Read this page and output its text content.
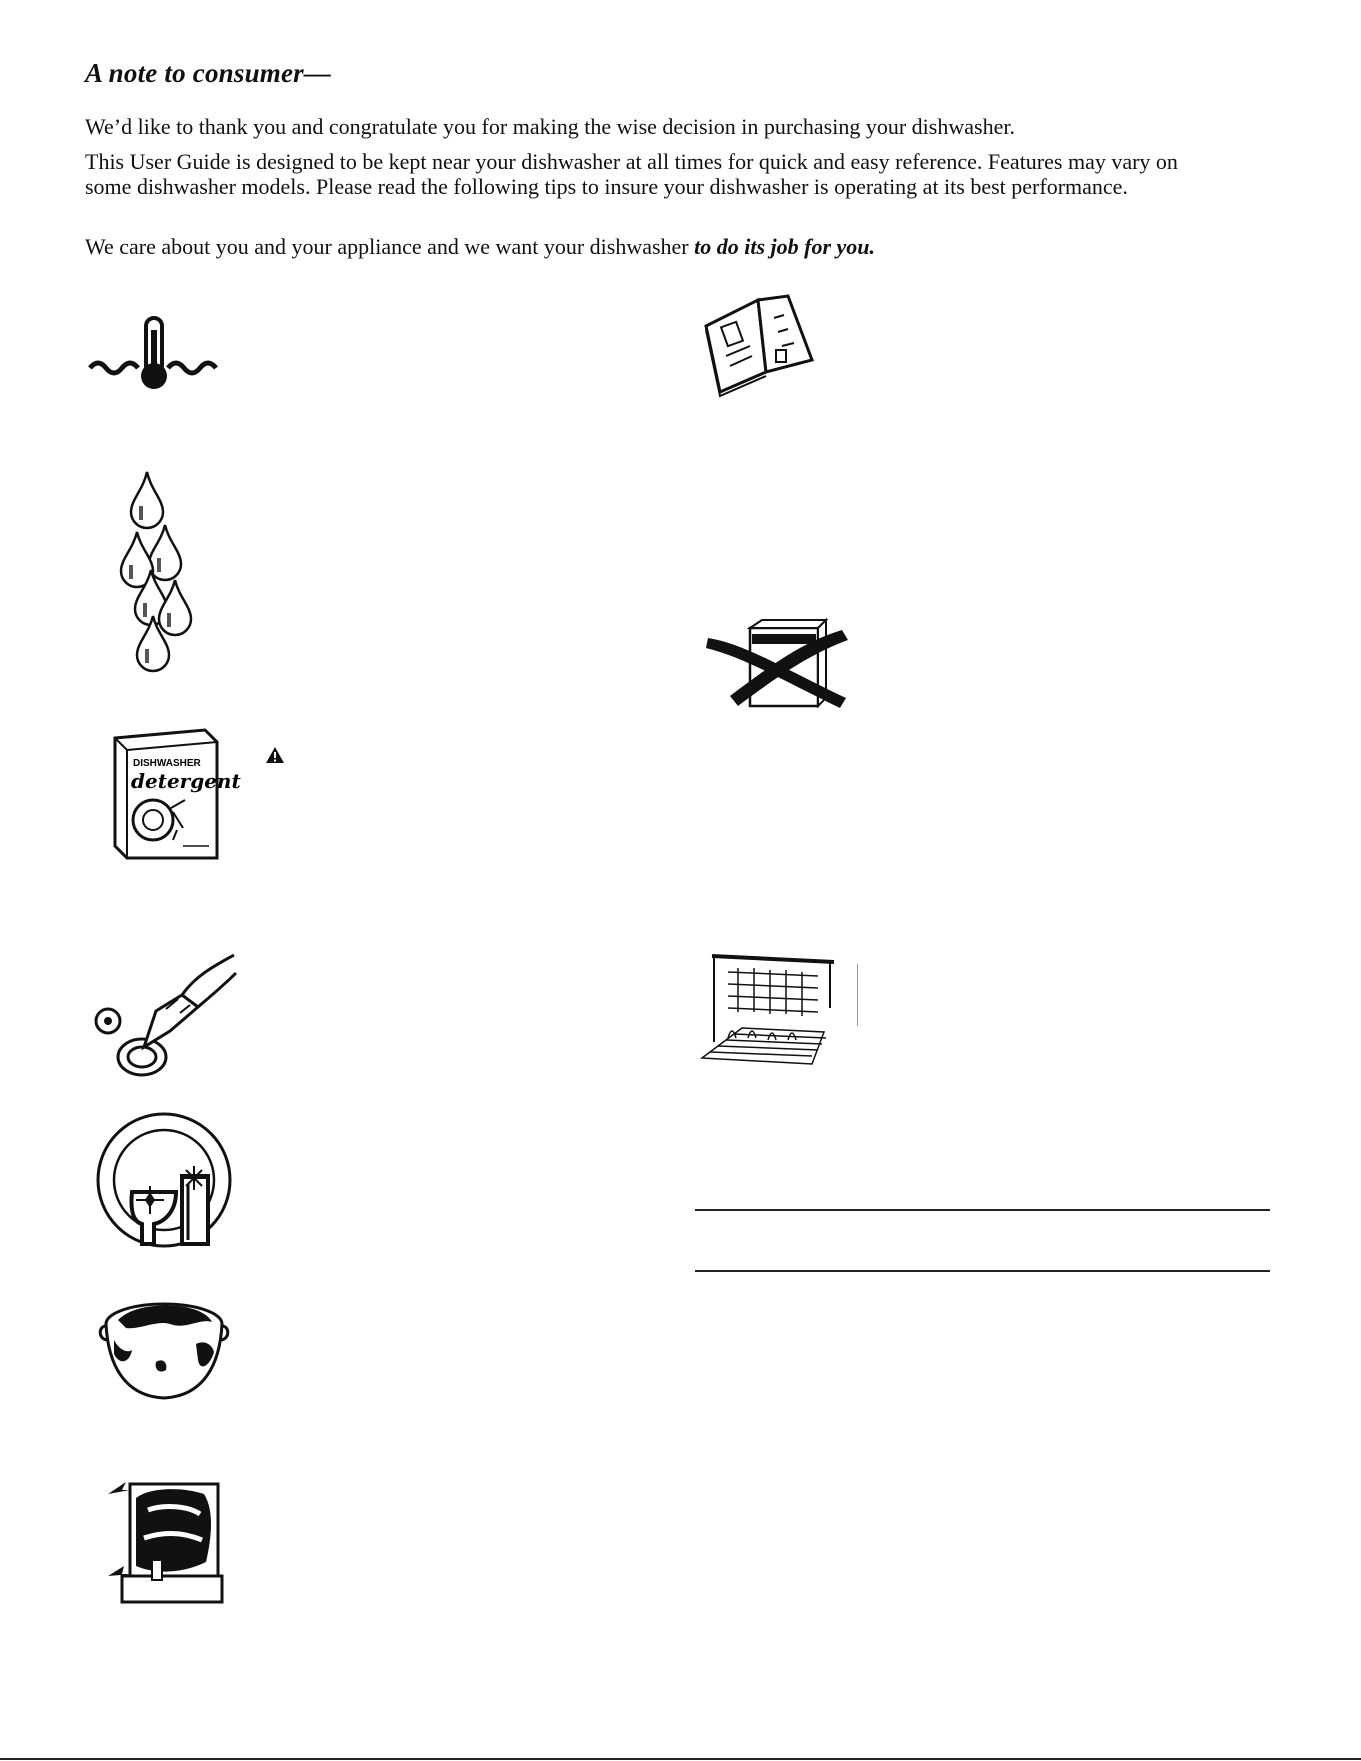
A note to consumer—

We’d like to thank you and congratulate you for making the wise decision in purchasing your dishwasher.

This User Guide is designed to be kept near your dishwasher at all times for quick and easy reference. Features may vary on some dishwasher models. Please read the following tips to insure your dishwasher is operating at its best performance.

We care about you and your appliance and we want your dishwasher to do its job for you.

DISHWASHER
detergent
